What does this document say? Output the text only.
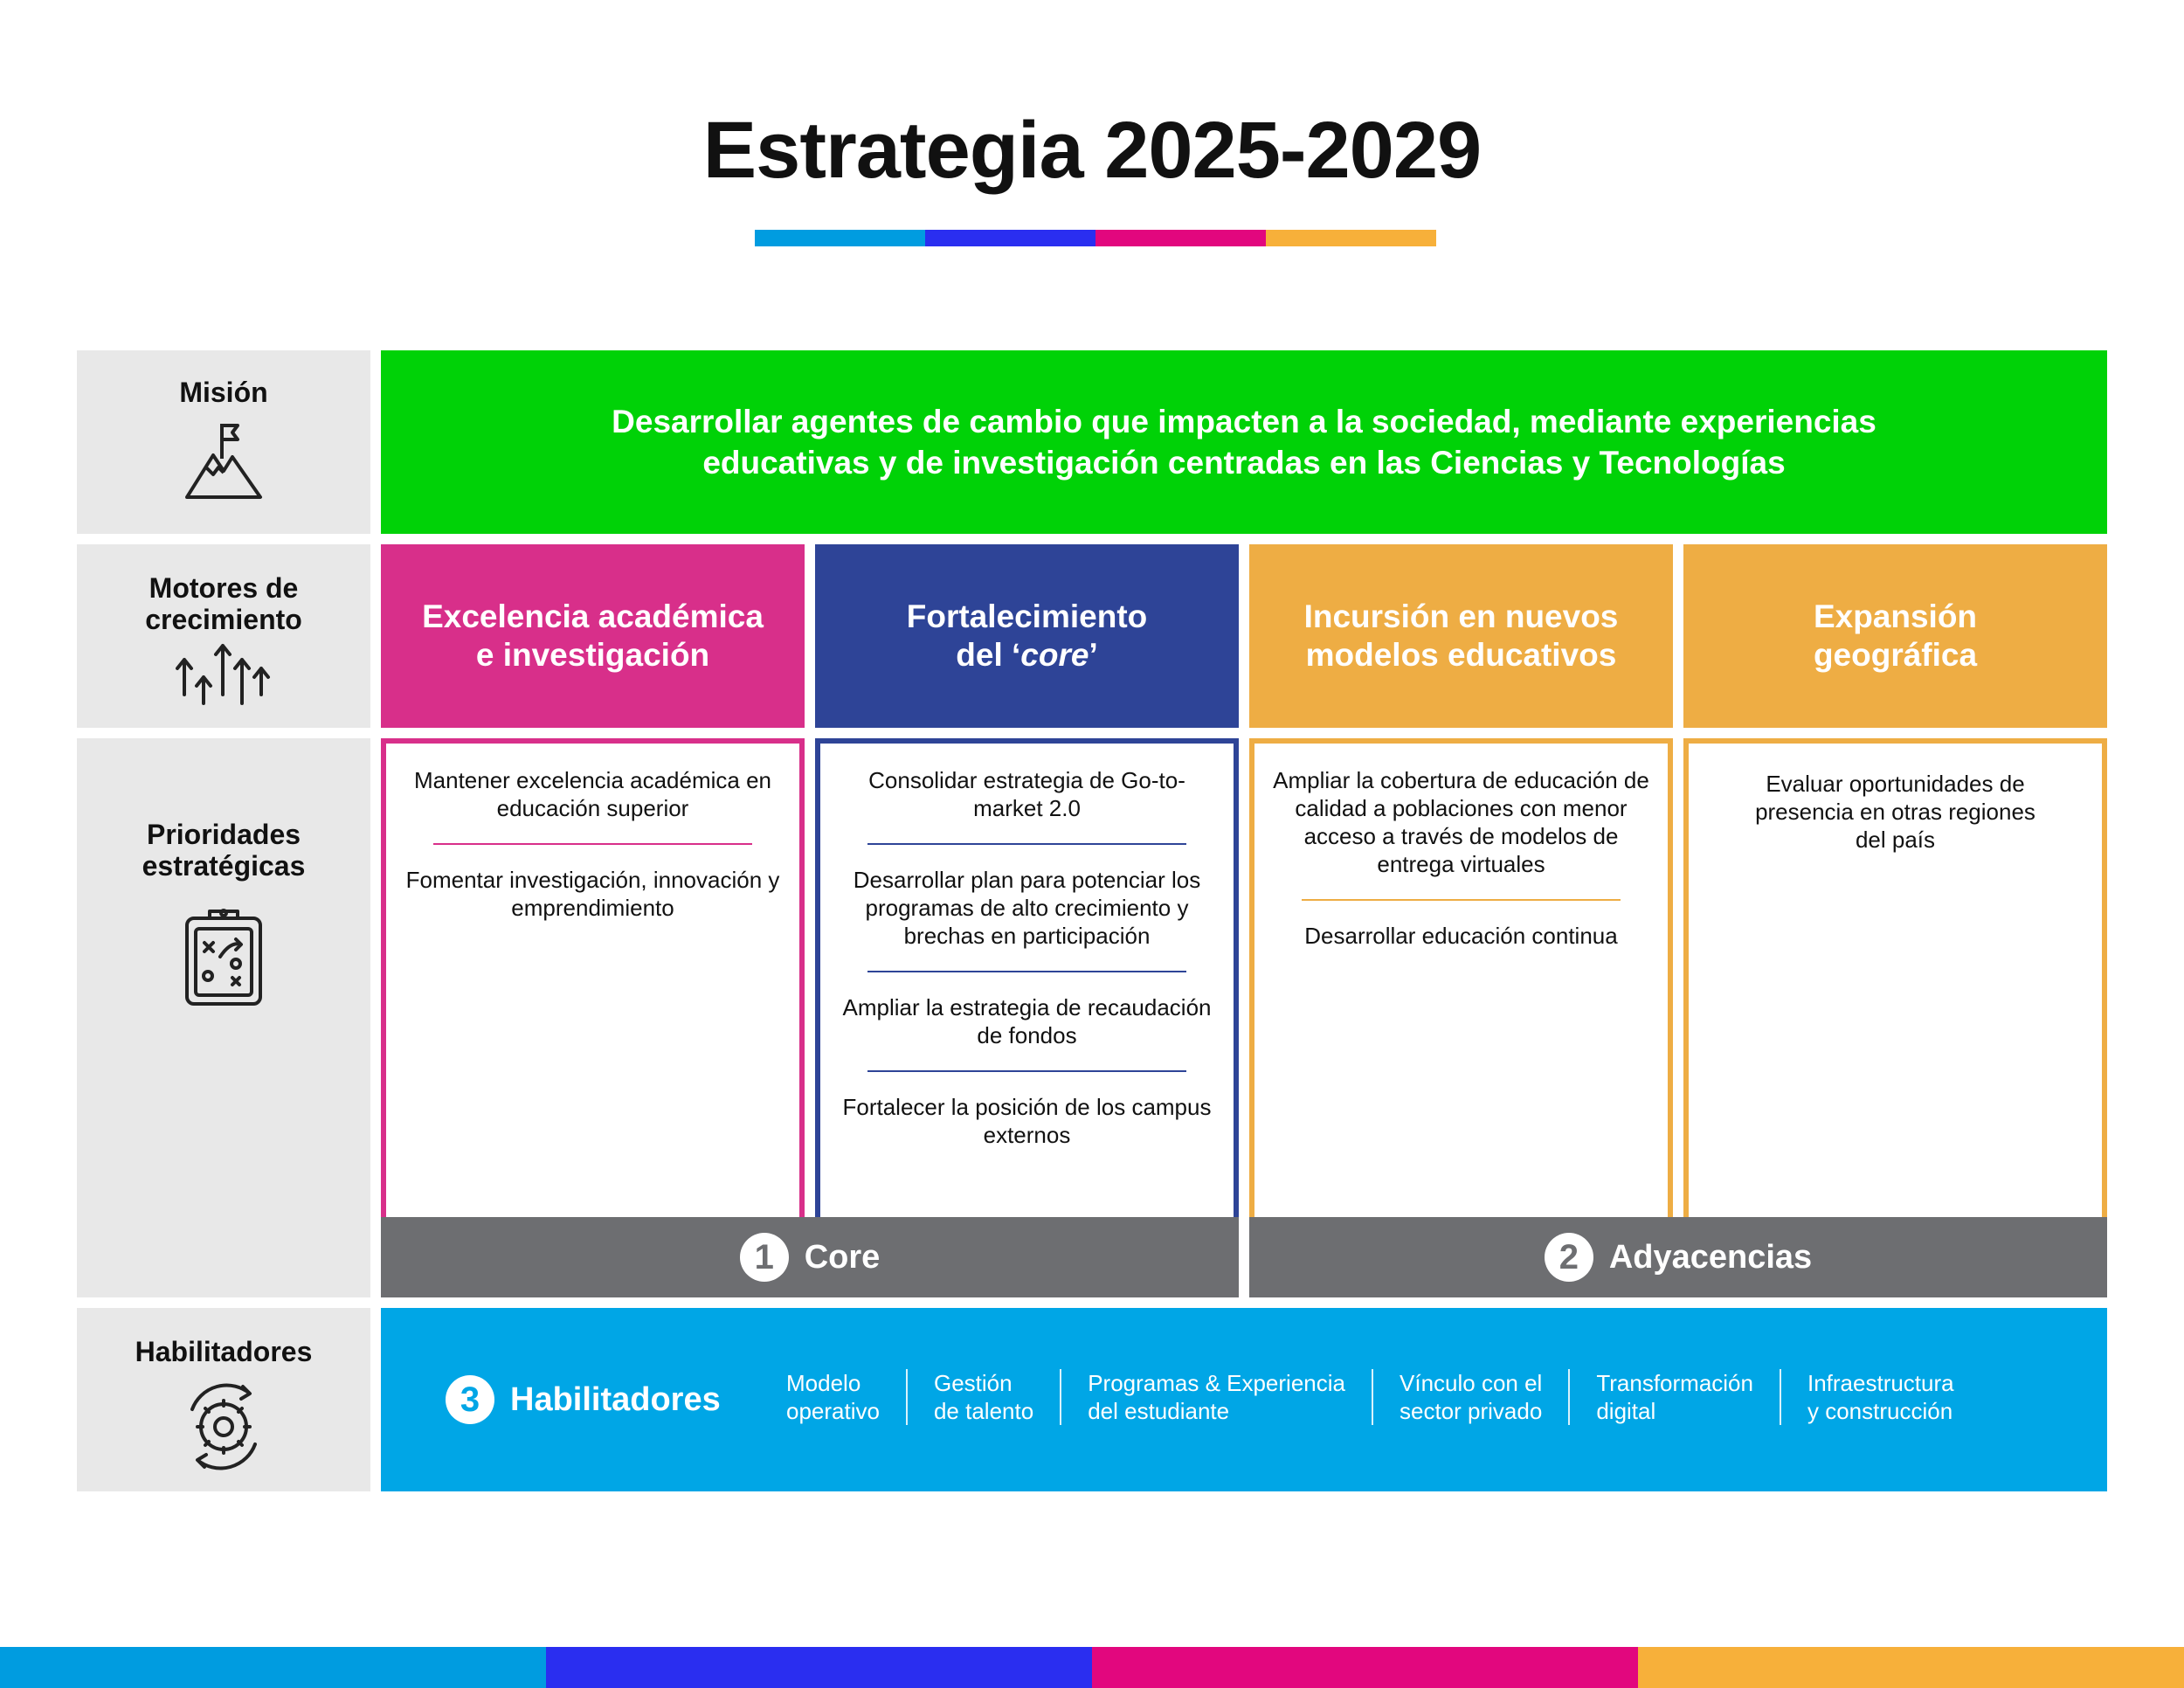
Estrategia 2025-2029
Misión
Motores de
crecimiento
Prioridades
estratégicas
Habilitadores
Desarrollar agentes de cambio que impacten a la sociedad, mediante experiencias
educativas y de investigación centradas en las Ciencias y Tecnologías
Excelencia académica
e investigación
Fortalecimiento
del ‘core’
Incursión en nuevos
modelos educativos
Expansión
geográfica
Mantener excelencia académica en educación superior
Fomentar investigación, innovación y emprendimiento
Consolidar estrategia de Go-to-market 2.0
Desarrollar plan para potenciar los programas de alto crecimiento y brechas en participación
Ampliar la estrategia de recaudación de fondos
Fortalecer la posición de los campus externos
Ampliar la cobertura de educación de calidad a poblaciones con menor acceso a través de modelos de entrega virtuales
Desarrollar educación continua
Evaluar oportunidades de presencia en otras regiones del país
1 Core	2 Adyacencias
3 Habilitadores	Modelo
operativo
Gestión
de talento
Programas & Experiencia
del estudiante
Vínculo con el
sector privado
Transformación
digital
Infraestructura
y construcción
